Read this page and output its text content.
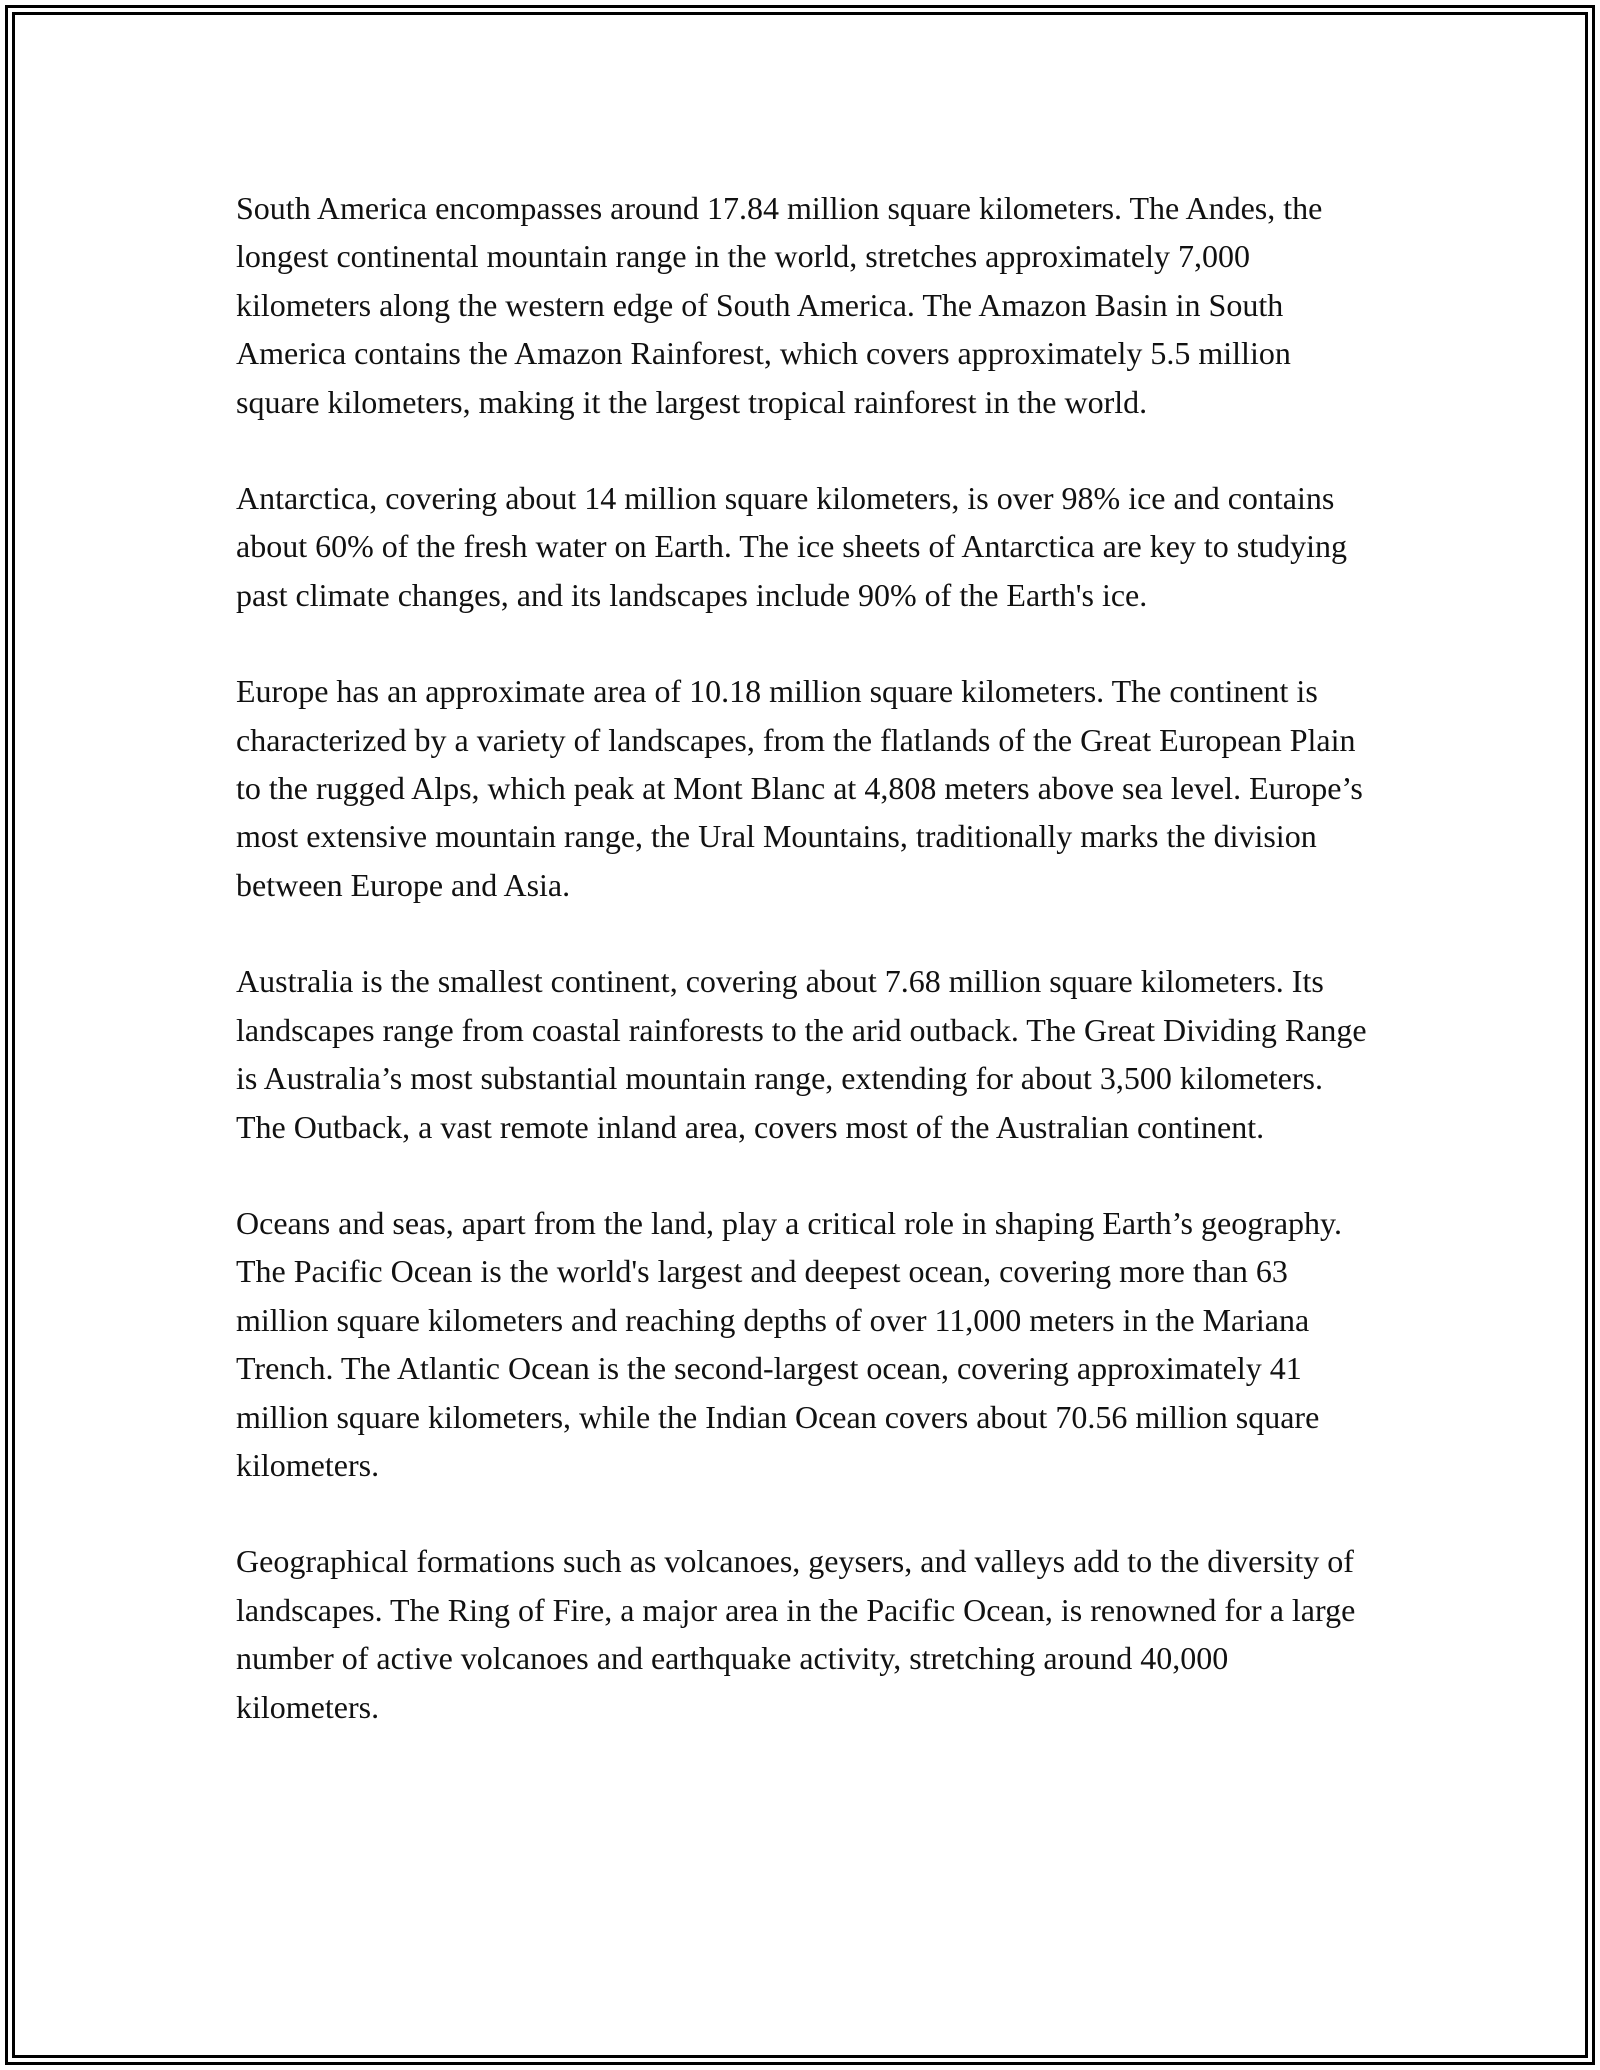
South America encompasses around 17.84 million square kilometers. The Andes, the longest continental mountain range in the world, stretches approximately 7,000 kilometers along the western edge of South America. The Amazon Basin in South America contains the Amazon Rainforest, which covers approximately 5.5 million square kilometers, making it the largest tropical rainforest in the world.

Antarctica, covering about 14 million square kilometers, is over 98% ice and contains about 60% of the fresh water on Earth. The ice sheets of Antarctica are key to studying past climate changes, and its landscapes include 90% of the Earth's ice.

Europe has an approximate area of 10.18 million square kilometers. The continent is characterized by a variety of landscapes, from the flatlands of the Great European Plain to the rugged Alps, which peak at Mont Blanc at 4,808 meters above sea level. Europe’s most extensive mountain range, the Ural Mountains, traditionally marks the division between Europe and Asia.

Australia is the smallest continent, covering about 7.68 million square kilometers. Its landscapes range from coastal rainforests to the arid outback. The Great Dividing Range is Australia’s most substantial mountain range, extending for about 3,500 kilometers. The Outback, a vast remote inland area, covers most of the Australian continent.

Oceans and seas, apart from the land, play a critical role in shaping Earth’s geography. The Pacific Ocean is the world's largest and deepest ocean, covering more than 63 million square kilometers and reaching depths of over 11,000 meters in the Mariana Trench. The Atlantic Ocean is the second-largest ocean, covering approximately 41 million square kilometers, while the Indian Ocean covers about 70.56 million square kilometers.

Geographical formations such as volcanoes, geysers, and valleys add to the diversity of landscapes. The Ring of Fire, a major area in the Pacific Ocean, is renowned for a large number of active volcanoes and earthquake activity, stretching around 40,000 kilometers.
